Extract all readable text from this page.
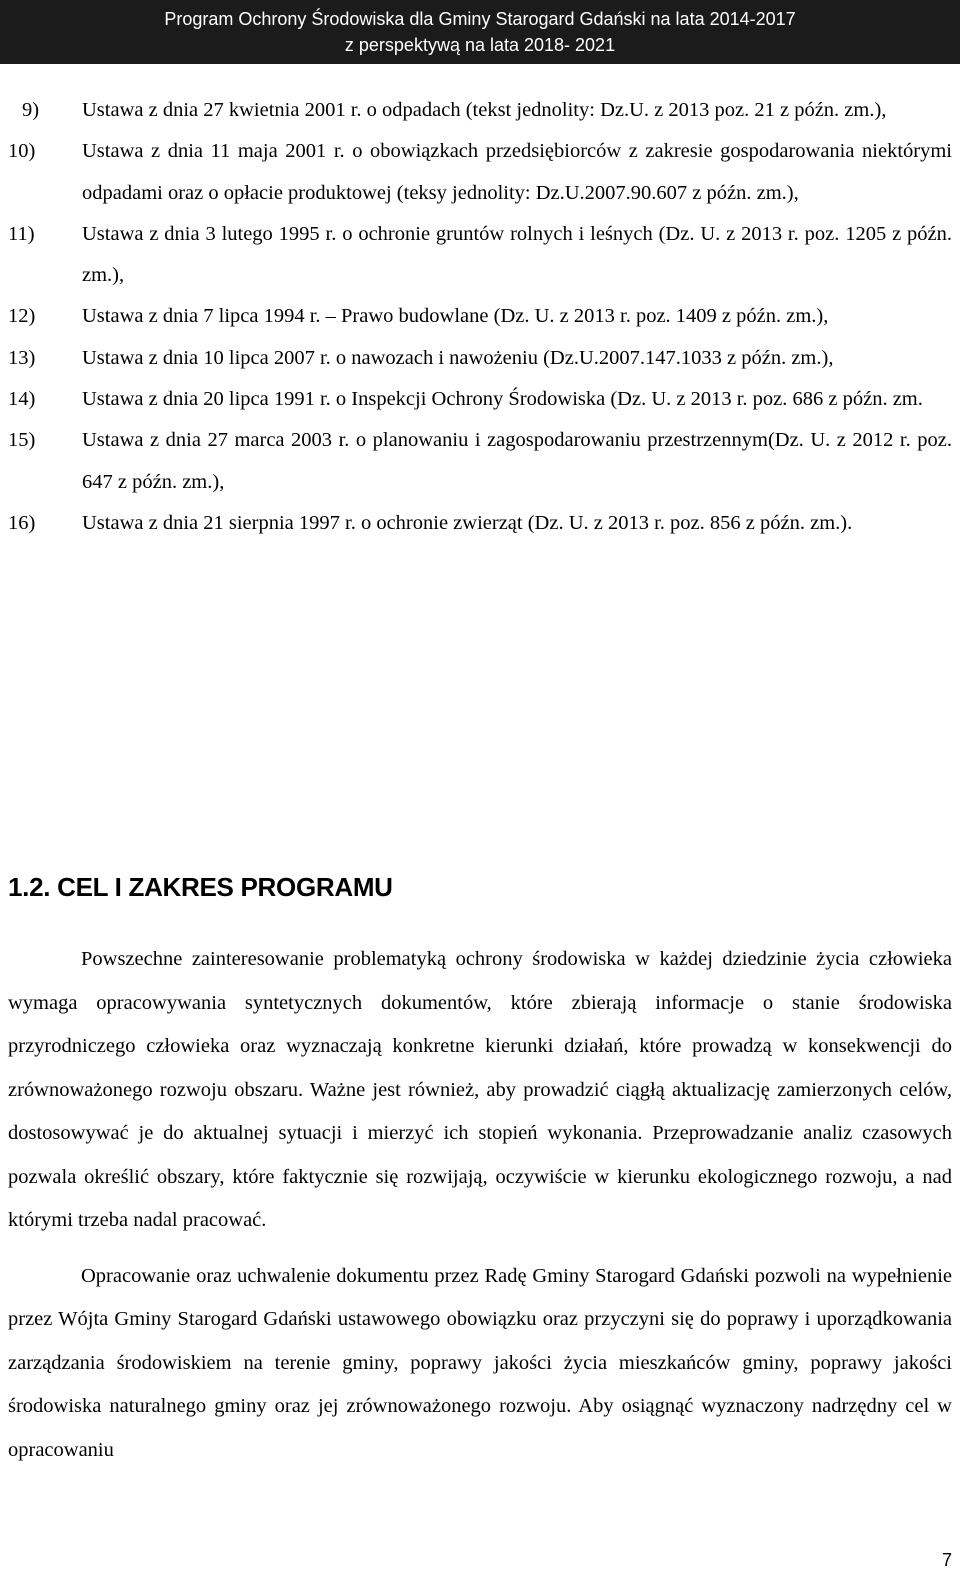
Program Ochrony Środowiska dla Gminy Starogard Gdański na lata 2014-2017
z perspektywą na lata 2018- 2021
9)	Ustawa z dnia 27 kwietnia 2001 r. o odpadach (tekst jednolity: Dz.U. z 2013 poz. 21 z późn. zm.),
10)	Ustawa z dnia 11 maja 2001 r. o obowiązkach przedsiębiorców z zakresie gospodarowania niektórymi odpadami oraz o opłacie produktowej (teksy jednolity: Dz.U.2007.90.607 z późn. zm.),
11)	Ustawa z dnia 3 lutego 1995 r. o ochronie gruntów rolnych i leśnych (Dz. U. z 2013 r. poz. 1205 z późn. zm.),
12)	Ustawa z dnia 7 lipca 1994 r. – Prawo budowlane (Dz. U. z 2013 r. poz. 1409 z późn. zm.),
13)	Ustawa z dnia 10 lipca 2007 r. o nawozach i nawożeniu (Dz.U.2007.147.1033 z późn. zm.),
14)	Ustawa z dnia 20 lipca 1991 r. o Inspekcji Ochrony Środowiska (Dz. U. z 2013 r. poz. 686 z późn. zm.
15)	Ustawa z dnia 27 marca 2003 r. o planowaniu i zagospodarowaniu przestrzennym(Dz. U. z 2012 r. poz. 647 z późn. zm.),
16)	Ustawa z dnia 21 sierpnia 1997 r. o ochronie zwierząt (Dz. U. z 2013 r. poz. 856 z późn. zm.).
1.2. CEL I ZAKRES PROGRAMU

Powszechne zainteresowanie problematyką ochrony środowiska w każdej dziedzinie życia człowieka wymaga opracowywania syntetycznych dokumentów, które zbierają informacje o stanie środowiska przyrodniczego człowieka oraz wyznaczają konkretne kierunki działań, które prowadzą w konsekwencji do zrównoważonego rozwoju obszaru. Ważne jest również, aby prowadzić ciągłą aktualizację zamierzonych celów, dostosowywać je do aktualnej sytuacji i mierzyć ich stopień wykonania. Przeprowadzanie analiz czasowych pozwala określić obszary, które faktycznie się rozwijają, oczywiście w kierunku ekologicznego rozwoju, a nad którymi trzeba nadal pracować.

Opracowanie oraz uchwalenie dokumentu przez Radę Gminy Starogard Gdański pozwoli na wypełnienie przez Wójta Gminy Starogard Gdański ustawowego obowiązku oraz przyczyni się do poprawy i uporządkowania zarządzania środowiskiem na terenie gminy, poprawy jakości życia mieszkańców gminy, poprawy jakości środowiska naturalnego gminy oraz jej zrównoważonego rozwoju. Aby osiągnąć wyznaczony nadrzędny cel w opracowaniu

7
